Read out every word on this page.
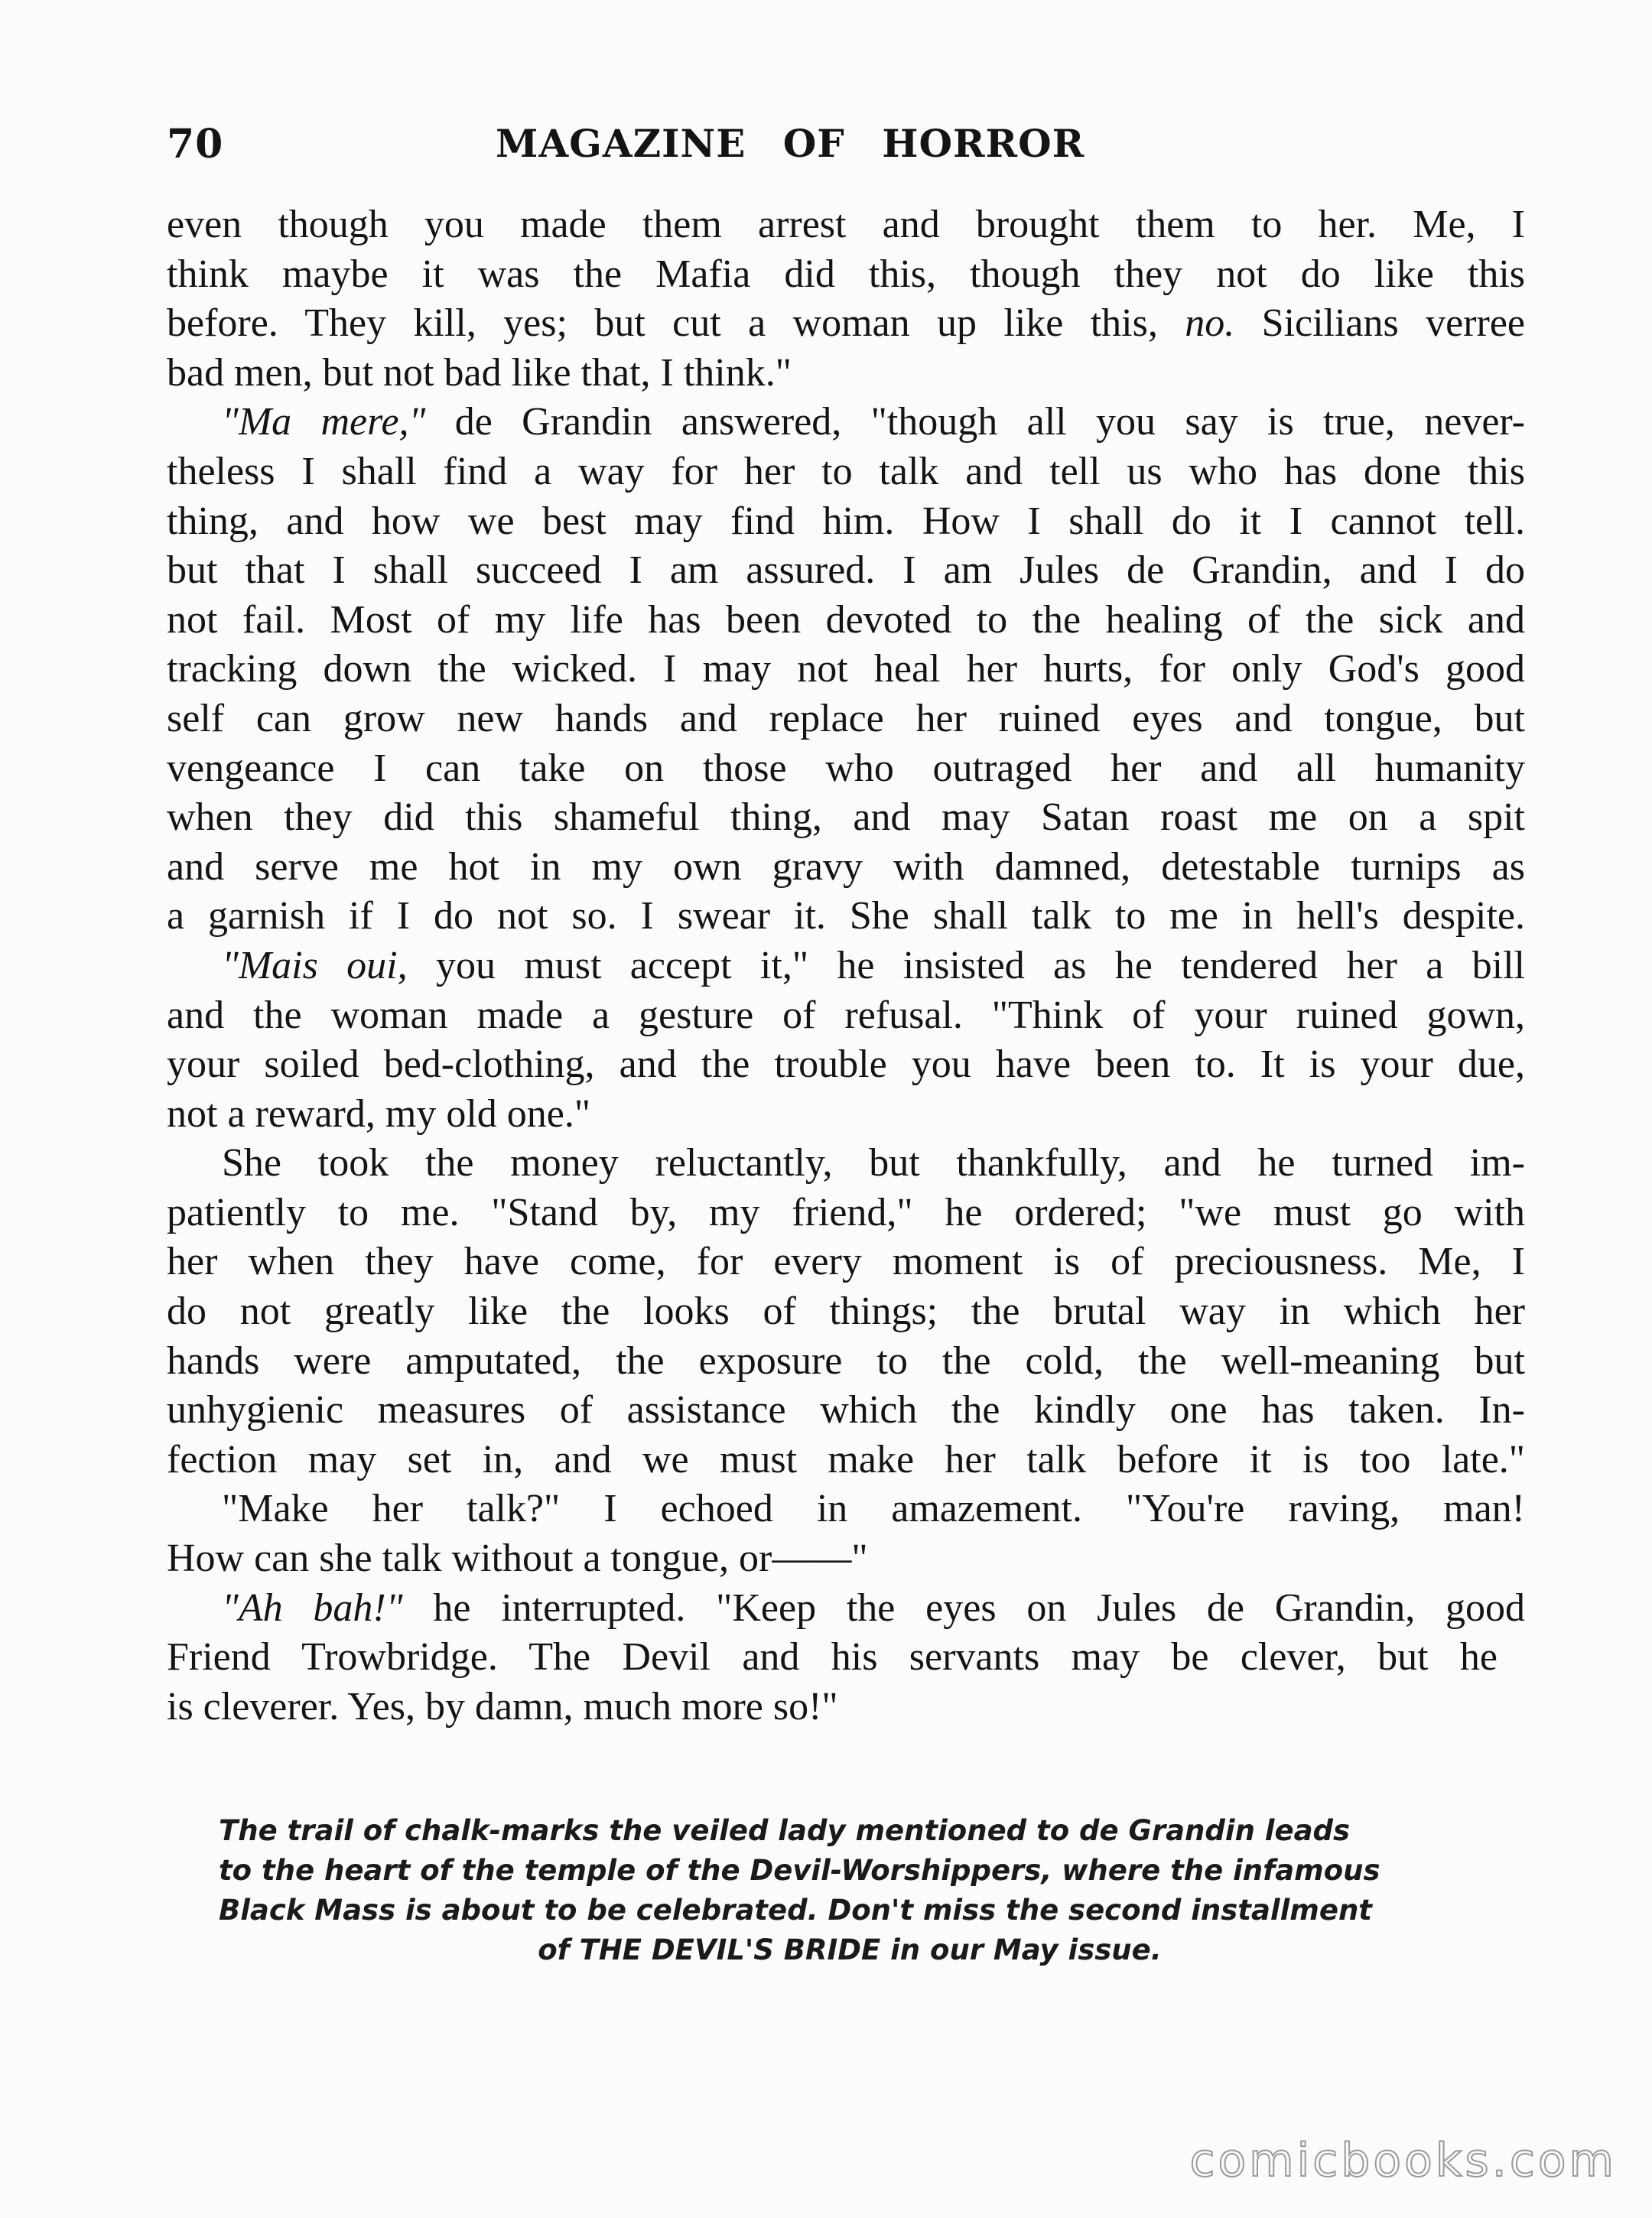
70	MAGAZINE OF HORROR
even though you made them arrest and brought them to her. Me, I
think maybe it was the Mafia did this, though they not do like this
before. They kill, yes; but cut a woman up like this, no. Sicilians verree
bad men, but not bad like that, I think."
"Ma mere," de Grandin answered, "though all you say is true, never-
theless I shall find a way for her to talk and tell us who has done this
thing, and how we best may find him. How I shall do it I cannot tell.
but that I shall succeed I am assured. I am Jules de Grandin, and I do
not fail. Most of my life has been devoted to the healing of the sick and
tracking down the wicked. I may not heal her hurts, for only God's good
self can grow new hands and replace her ruined eyes and tongue, but
vengeance I can take on those who outraged her and all humanity
when they did this shameful thing, and may Satan roast me on a spit
and serve me hot in my own gravy with damned, detestable turnips as
a garnish if I do not so. I swear it. She shall talk to me in hell's despite.
"Mais oui, you must accept it," he insisted as he tendered her a bill
and the woman made a gesture of refusal. "Think of your ruined gown,
your soiled bed-clothing, and the trouble you have been to. It is your due,
not a reward, my old one."
She took the money reluctantly, but thankfully, and he turned im-
patiently to me. "Stand by, my friend," he ordered; "we must go with
her when they have come, for every moment is of preciousness. Me, I
do not greatly like the looks of things; the brutal way in which her
hands were amputated, the exposure to the cold, the well-meaning but
unhygienic measures of assistance which the kindly one has taken. In-
fection may set in, and we must make her talk before it is too late."
"Make her talk?" I echoed in amazement. "You're raving, man!
How can she talk without a tongue, or——"
"Ah bah!" he interrupted. "Keep the eyes on Jules de Grandin, good
Friend Trowbridge. The Devil and his servants may be clever, but he
is cleverer. Yes, by damn, much more so!"
The trail of chalk-marks the veiled lady mentioned to de Grandin leads
to the heart of the temple of the Devil-Worshippers, where the infamous
Black Mass is about to be celebrated. Don't miss the second installment
of THE DEVIL'S BRIDE in our May issue.
comicbooks.com
